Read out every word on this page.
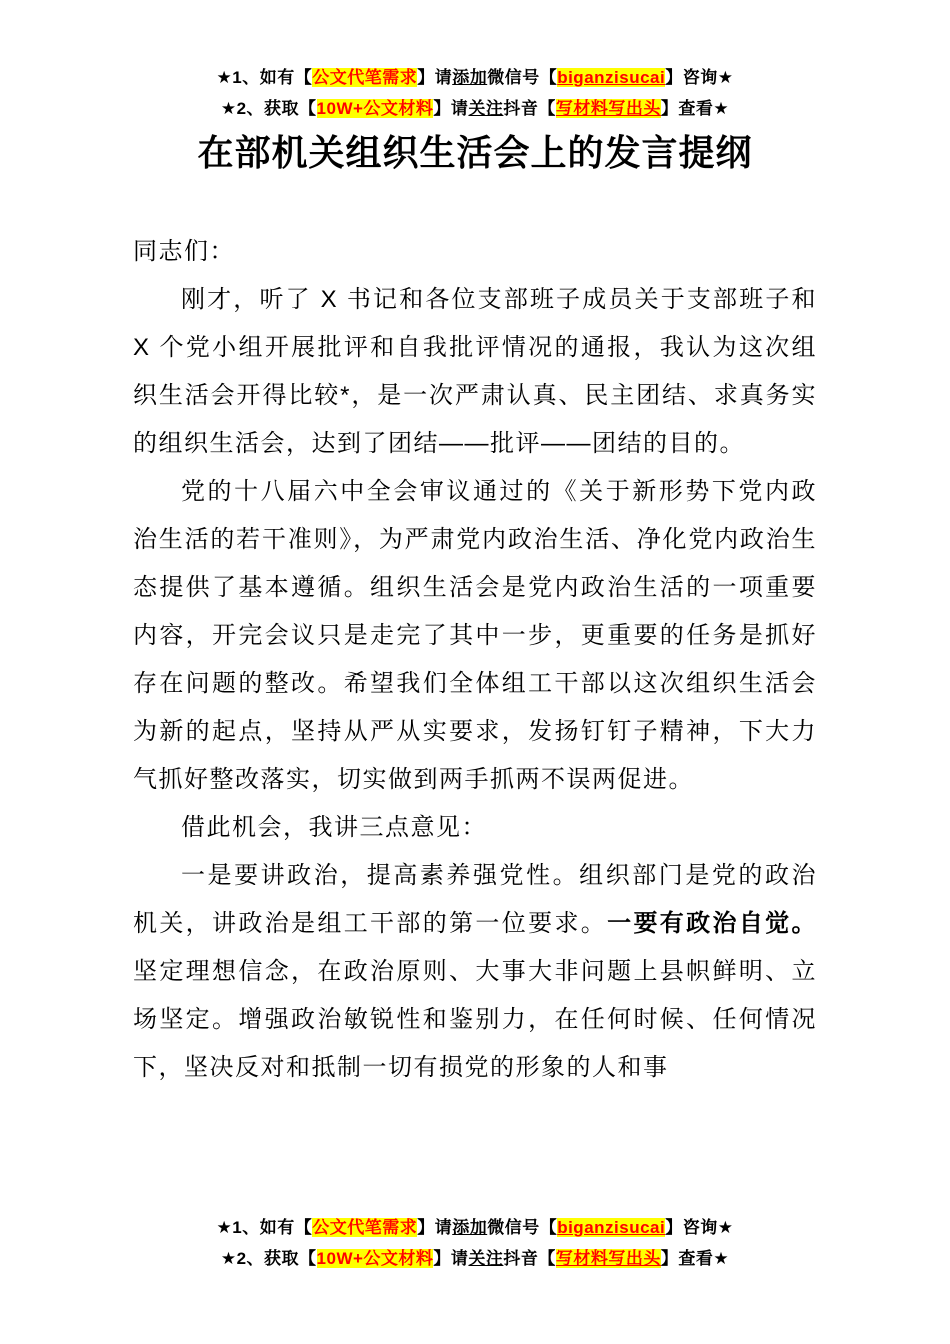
★1、如有【公文代笔需求】请添加微信号【biganzisucai】咨询★
★2、获取【10W+公文材料】请关注抖音【写材料写出头】查看★
在部机关组织生活会上的发言提纲

同志们：

刚才，听了 X 书记和各位支部班子成员关于支部班子和 X 个党小组开展批评和自我批评情况的通报，我认为这次组织生活会开得比较*，是一次严肃认真、民主团结、求真务实的组织生活会，达到了团结——批评——团结的目的。

党的十八届六中全会审议通过的《关于新形势下党内政治生活的若干准则》，为严肃党内政治生活、净化党内政治生态提供了基本遵循。组织生活会是党内政治生活的一项重要内容，开完会议只是走完了其中一步，更重要的任务是抓好存在问题的整改。希望我们全体组工干部以这次组织生活会为新的起点，坚持从严从实要求，发扬钉钉子精神，下大力气抓好整改落实，切实做到两手抓两不误两促进。

借此机会，我讲三点意见：

一是要讲政治，提高素养强党性。组织部门是党的政治机关，讲政治是组工干部的第一位要求。一要有政治自觉。坚定理想信念，在政治原则、大事大非问题上县帜鲜明、立场坚定。增强政治敏锐性和鉴别力，在任何时候、任何情况下，坚决反对和抵制一切有损党的形象的人和事

★1、如有【公文代笔需求】请添加微信号【biganzisucai】咨询★
★2、获取【10W+公文材料】请关注抖音【写材料写出头】查看★
